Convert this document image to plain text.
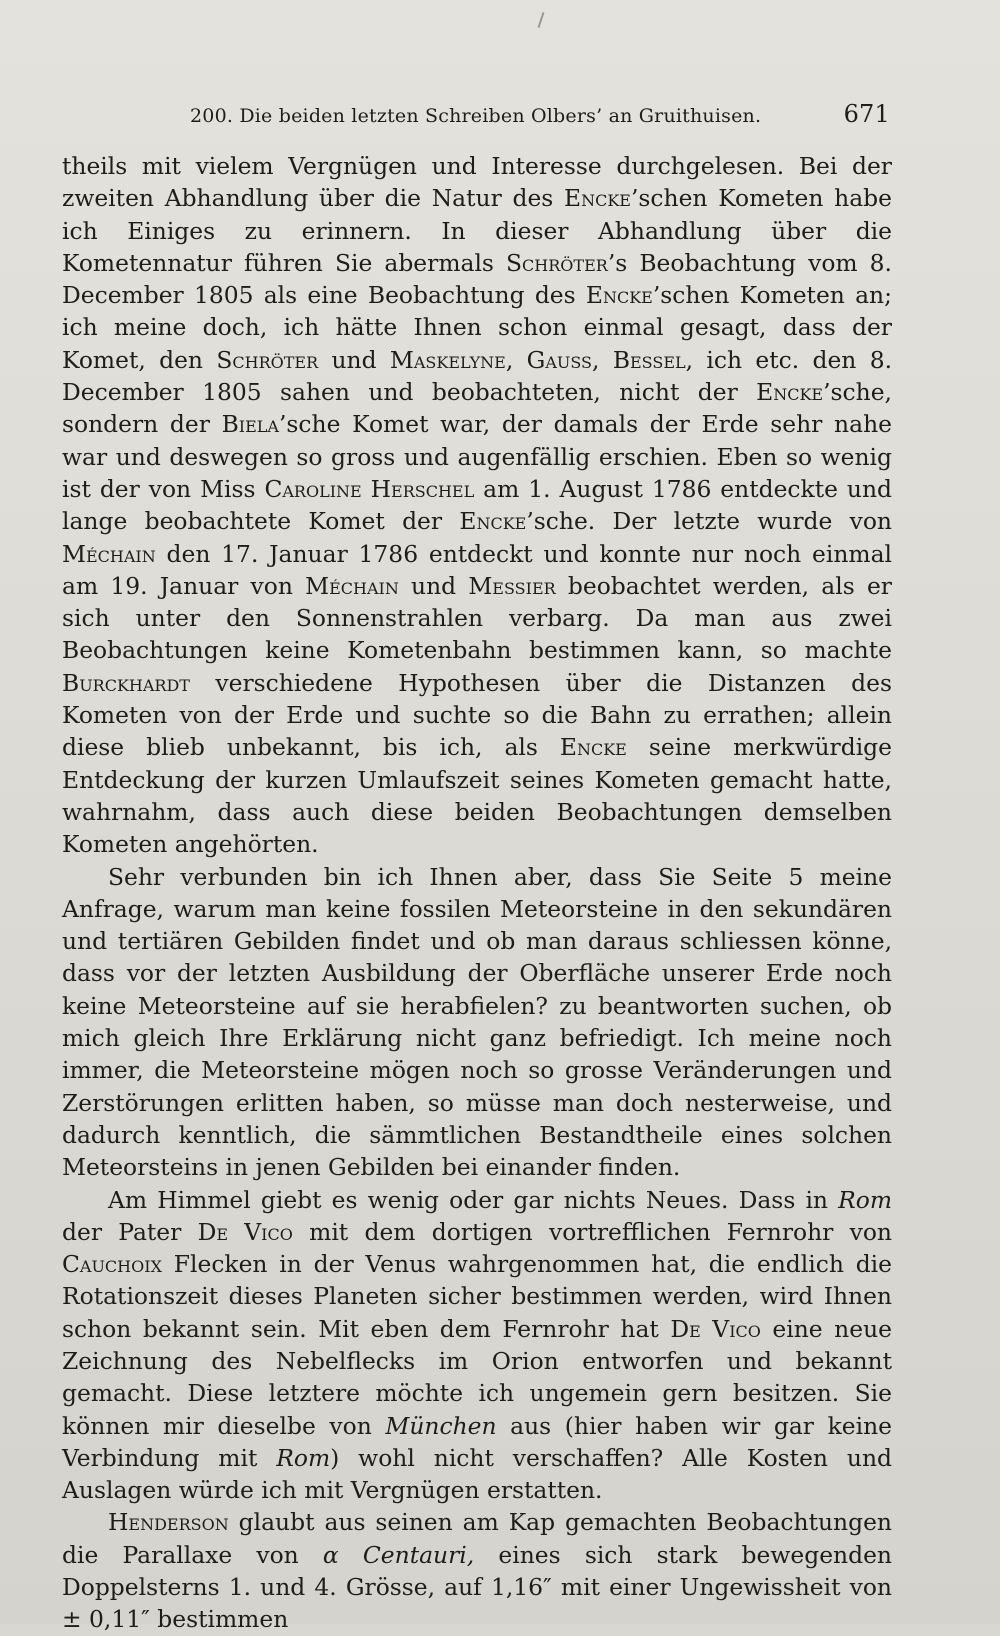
200. Die beiden letzten Schreiben Olbers’ an Gruithuisen.	671

theils mit vielem Vergnügen und Interesse durchgelesen. Bei der zweiten Abhandlung über die Natur des Encke’schen Kometen habe ich Einiges zu erinnern. In dieser Abhandlung über die Kometennatur führen Sie abermals Schröter’s Beobachtung vom 8. December 1805 als eine Beobachtung des Encke’schen Kometen an; ich meine doch, ich hätte Ihnen schon einmal gesagt, dass der Komet, den Schröter und Maskelyne, Gauss, Bessel, ich etc. den 8. December 1805 sahen und beobachteten, nicht der Encke’sche, sondern der Biela’sche Komet war, der damals der Erde sehr nahe war und deswegen so gross und augenfällig erschien. Eben so wenig ist der von Miss Caroline Herschel am 1. August 1786 entdeckte und lange beobachtete Komet der Encke’sche. Der letzte wurde von Méchain den 17. Januar 1786 entdeckt und konnte nur noch einmal am 19. Januar von Méchain und Messier beobachtet werden, als er sich unter den Sonnenstrahlen verbarg. Da man aus zwei Beobachtungen keine Kometenbahn bestimmen kann, so machte Burckhardt verschiedene Hypothesen über die Distanzen des Kometen von der Erde und suchte so die Bahn zu errathen; allein diese blieb unbekannt, bis ich, als Encke seine merkwürdige Entdeckung der kurzen Umlaufszeit seines Kometen gemacht hatte, wahrnahm, dass auch diese beiden Beobachtungen demselben Kometen angehörten.

Sehr verbunden bin ich Ihnen aber, dass Sie Seite 5 meine Anfrage, warum man keine fossilen Meteorsteine in den sekundären und tertiären Gebilden findet und ob man daraus schliessen könne, dass vor der letzten Ausbildung der Oberfläche unserer Erde noch keine Meteorsteine auf sie herabfielen? zu beantworten suchen, ob mich gleich Ihre Erklärung nicht ganz befriedigt. Ich meine noch immer, die Meteorsteine mögen noch so grosse Veränderungen und Zerstörungen erlitten haben, so müsse man doch nesterweise, und dadurch kenntlich, die sämmtlichen Bestandtheile eines solchen Meteorsteins in jenen Gebilden bei einander finden.

Am Himmel giebt es wenig oder gar nichts Neues. Dass in Rom der Pater De Vico mit dem dortigen vortrefflichen Fernrohr von Cauchoix Flecken in der Venus wahrgenommen hat, die endlich die Rotationszeit dieses Planeten sicher bestimmen werden, wird Ihnen schon bekannt sein. Mit eben dem Fernrohr hat De Vico eine neue Zeichnung des Nebelflecks im Orion entworfen und bekannt gemacht. Diese letztere möchte ich ungemein gern besitzen. Sie können mir dieselbe von München aus (hier haben wir gar keine Verbindung mit Rom) wohl nicht verschaffen? Alle Kosten und Auslagen würde ich mit Vergnügen erstatten.

Henderson glaubt aus seinen am Kap gemachten Beobachtungen die Parallaxe von α Centauri, eines sich stark bewegenden Doppelsterns 1. und 4. Grösse, auf 1,16″ mit einer Ungewissheit von ± 0,11″ bestimmen
